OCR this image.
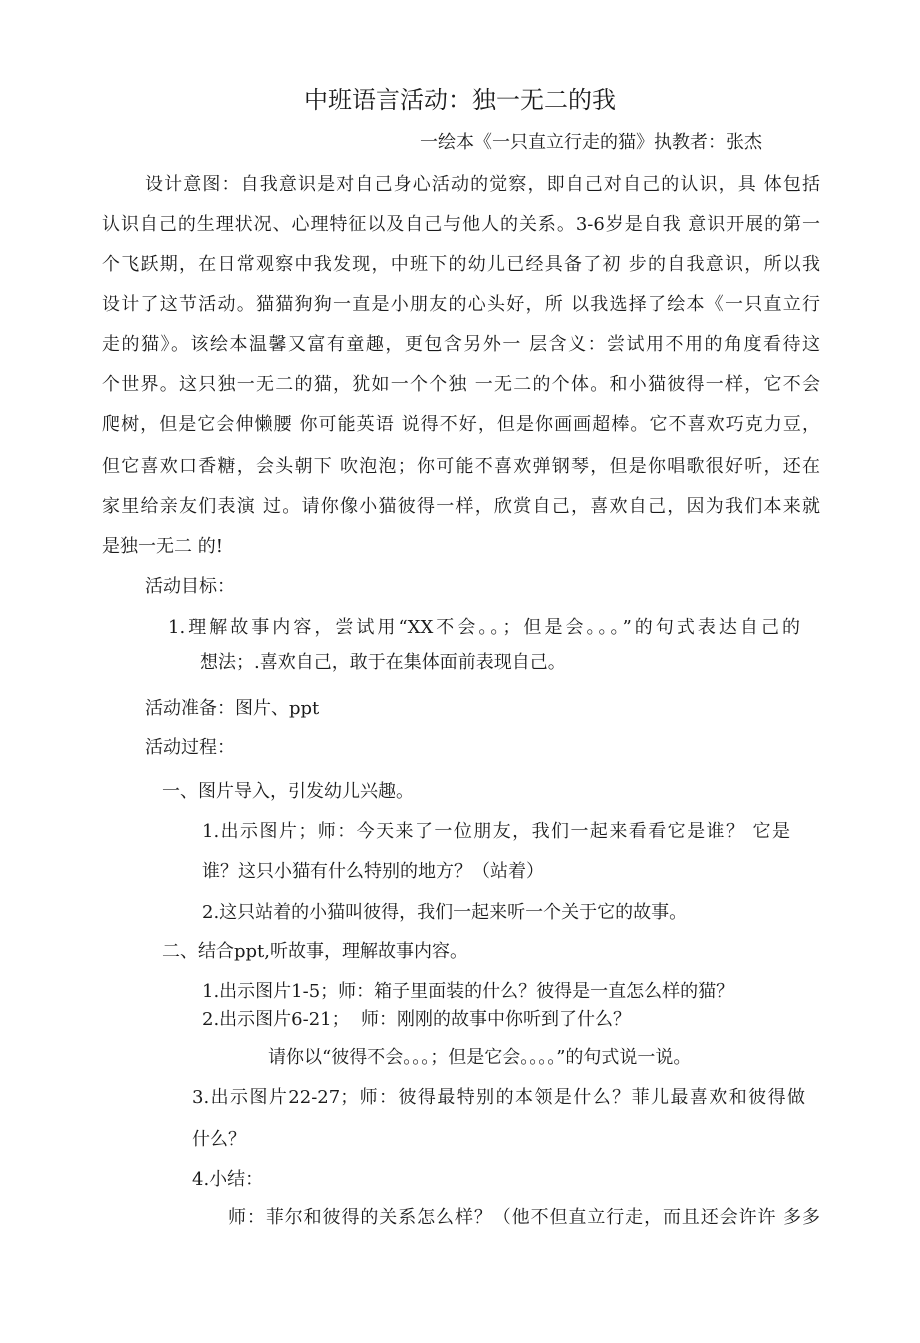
中班语言活动：独一无二的我
一绘本《一只直立行走的猫》执教者：张杰
设计意图：自我意识是对自己身心活动的觉察，即自己对自己的认识，具 体包括
认识自己的生理状况、心理特征以及自己与他人的关系。3-6岁是自我 意识开展的第一
个飞跃期，在日常观察中我发现，中班下的幼儿已经具备了初 步的自我意识，所以我
设计了这节活动。猫猫狗狗一直是小朋友的心头好，所 以我选择了绘本《一只直立行
走的猫》。该绘本温馨又富有童趣，更包含另外一 层含义：尝试用不用的角度看待这
个世界。这只独一无二的猫，犹如一个个独 一无二的个体。和小猫彼得一样，它不会
爬树，但是它会伸懒腰 你可能英语 说得不好，但是你画画超棒。它不喜欢巧克力豆，
但它喜欢口香糖，会头朝下 吹泡泡；你可能不喜欢弹钢琴，但是你唱歌很好听，还在
家里给亲友们表演 过。请你像小猫彼得一样，欣赏自己，喜欢自己，因为我们本来就
是独一无二 的!
活动目标：
1.理解故事内容，尝试用“XX不会。。；但是会。。。”的句式表达自己的
想法；.喜欢自己，敢于在集体面前表现自己。
活动准备：图片、ppt
活动过程：
一、图片导入，引发幼儿兴趣。
1.出示图片；师：今天来了一位朋友，我们一起来看看它是谁？ 它是
谁？这只小猫有什么特别的地方？（站着）
2.这只站着的小猫叫彼得，我们一起来听一个关于它的故事。
二、结合ppt,听故事，理解故事内容。
1.出示图片1-5；师：箱子里面装的什么？彼得是一直怎么样的猫？
2.出示图片6-21；  师：刚刚的故事中你听到了什么？
请你以“彼得不会。。。；但是它会。。。。”的句式说一说。
3.出示图片22-27；师：彼得最特别的本领是什么？菲儿最喜欢和彼得做
什么？
4.小结：
师：菲尔和彼得的关系怎么样？（他不但直立行走，而且还会许许 多多
